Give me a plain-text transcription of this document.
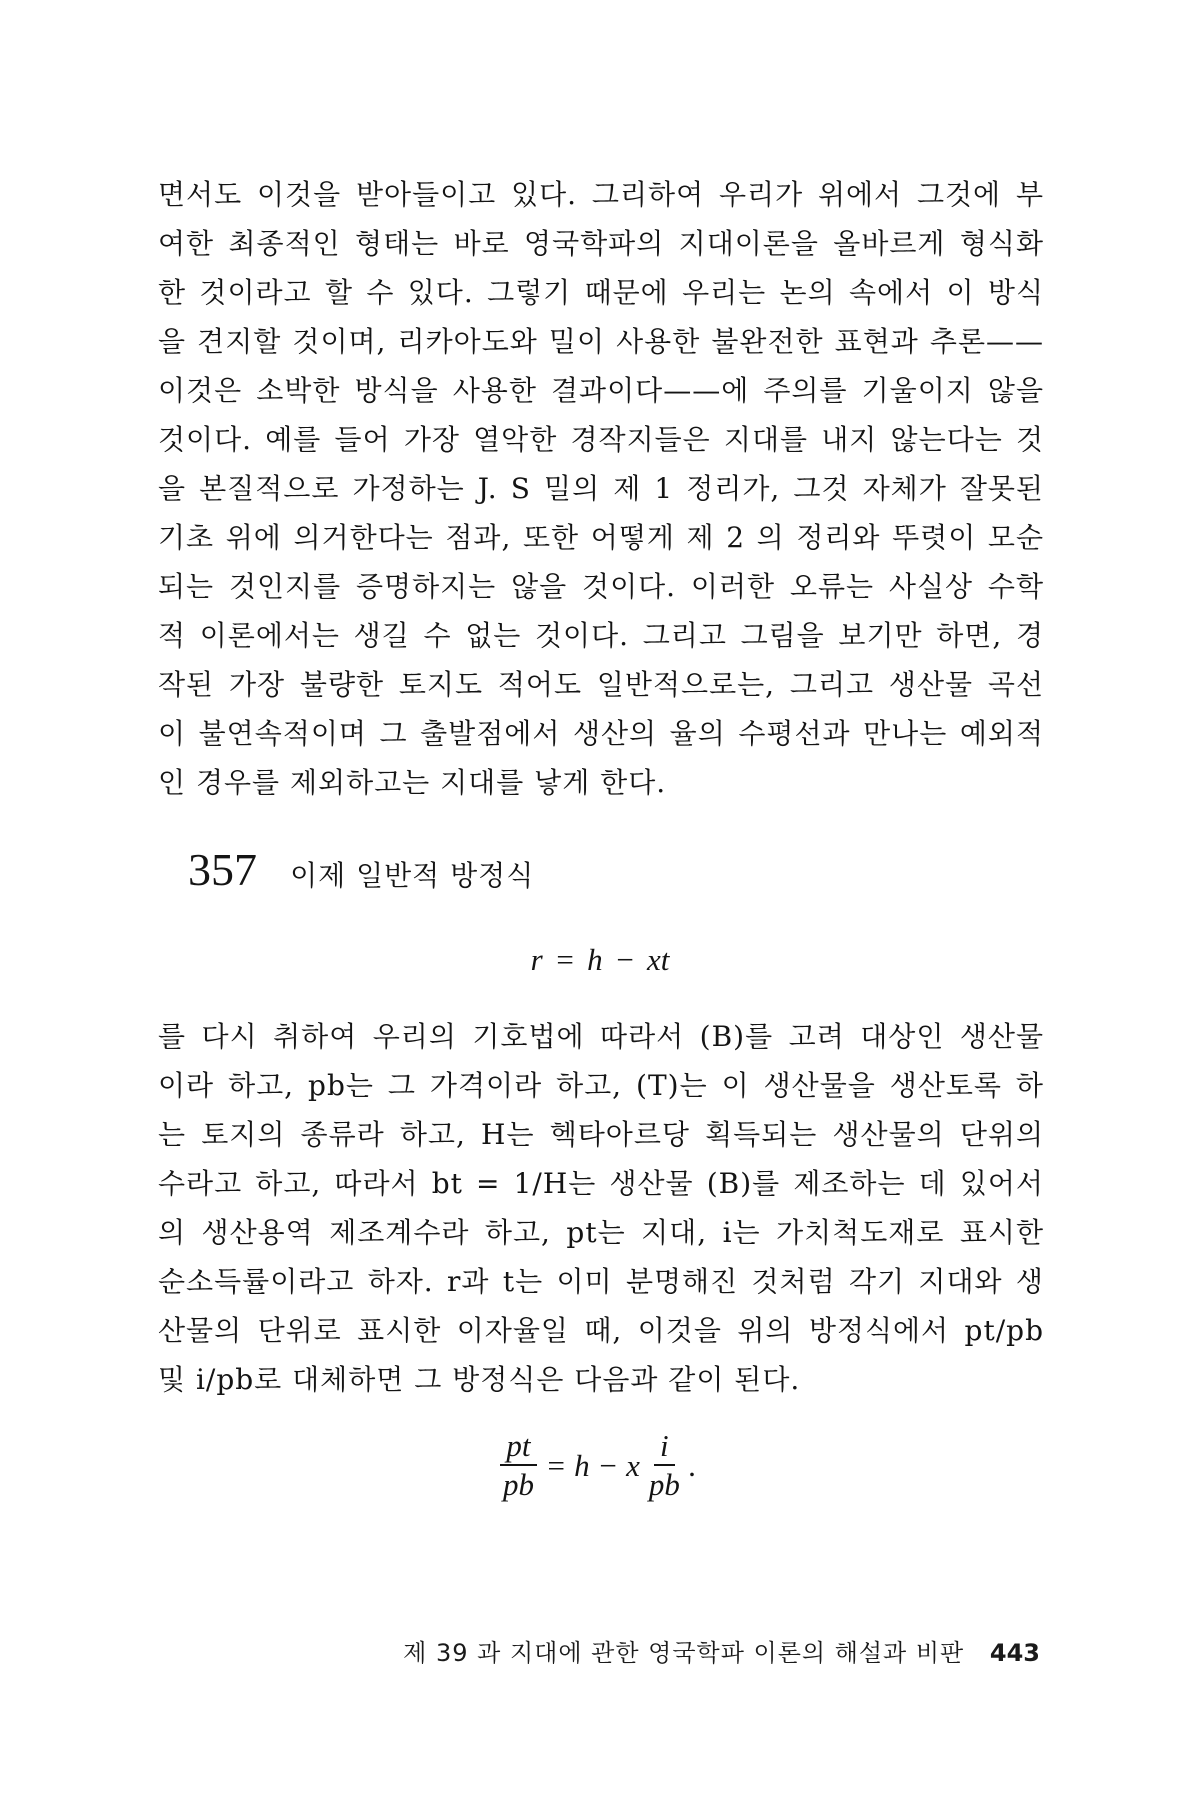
면서도 이것을 받아들이고 있다. 그리하여 우리가 위에서 그것에 부
여한 최종적인 형태는 바로 영국학파의 지대이론을 올바르게 형식화
한 것이라고 할 수 있다. 그렇기 때문에 우리는 논의 속에서 이 방식
을 견지할 것이며, 리카아도와 밀이 사용한 불완전한 표현과 추론——
이것은 소박한 방식을 사용한 결과이다——에 주의를 기울이지 않을
것이다. 예를 들어 가장 열악한 경작지들은 지대를 내지 않는다는 것
을 본질적으로 가정하는 J. S 밀의 제 1 정리가, 그것 자체가 잘못된
기초 위에 의거한다는 점과, 또한 어떻게 제 2 의 정리와 뚜렷이 모순
되는 것인지를 증명하지는 않을 것이다. 이러한 오류는 사실상 수학
적 이론에서는 생길 수 없는 것이다. 그리고 그림을 보기만 하면, 경
작된 가장 불량한 토지도 적어도 일반적으로는, 그리고 생산물 곡선
이 불연속적이며 그 출발점에서 생산의 율의 수평선과 만나는 예외적
인 경우를 제외하고는 지대를 낳게 한다.
357 이제 일반적 방정식
r = h − xt
를 다시 취하여 우리의 기호법에 따라서 (B)를 고려 대상인 생산물
이라 하고, pb는 그 가격이라 하고, (T)는 이 생산물을 생산토록 하
는 토지의 종류라 하고, H는 헥타아르당 획득되는 생산물의 단위의
수라고 하고, 따라서 bt = 1/H는 생산물 (B)를 제조하는 데 있어서
의 생산용역 제조계수라 하고, pt는 지대, i는 가치척도재로 표시한
순소득률이라고 하자. r과 t는 이미 분명해진 것처럼 각기 지대와 생
산물의 단위로 표시한 이자율일 때, 이것을 위의 방정식에서 pt/pb
및 i/pb로 대체하면 그 방정식은 다음과 같이 된다.
$\frac{pt}{pb} = h - x \frac{i}{pb}$ .
제 39 과 지대에 관한 영국학파 이론의 해설과 비판 443
